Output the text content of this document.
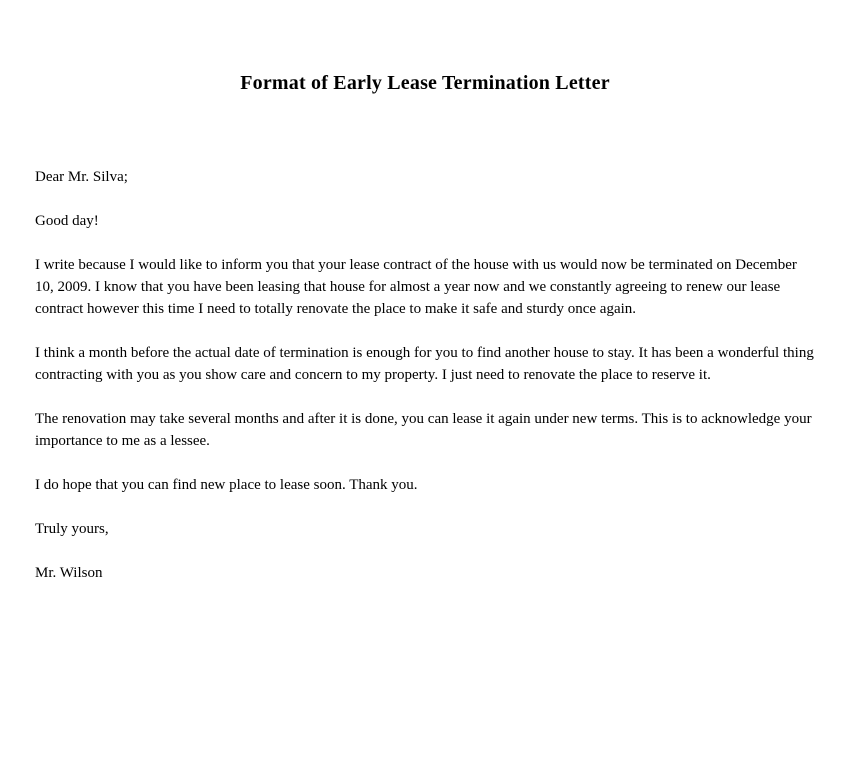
Format of Early Lease Termination Letter

Dear Mr. Silva;

Good day!

I write because I would like to inform you that your lease contract of the house with us would now be terminated on December 10, 2009. I know that you have been leasing that house for almost a year now and we constantly agreeing to renew our lease contract however this time I need to totally renovate the place to make it safe and sturdy once again.

I think a month before the actual date of termination is enough for you to find another house to stay. It has been a wonderful thing contracting with you as you show care and concern to my property. I just need to renovate the place to reserve it.

The renovation may take several months and after it is done, you can lease it again under new terms. This is to acknowledge your importance to me as a lessee.

I do hope that you can find new place to lease soon. Thank you.

Truly yours,

Mr. Wilson
